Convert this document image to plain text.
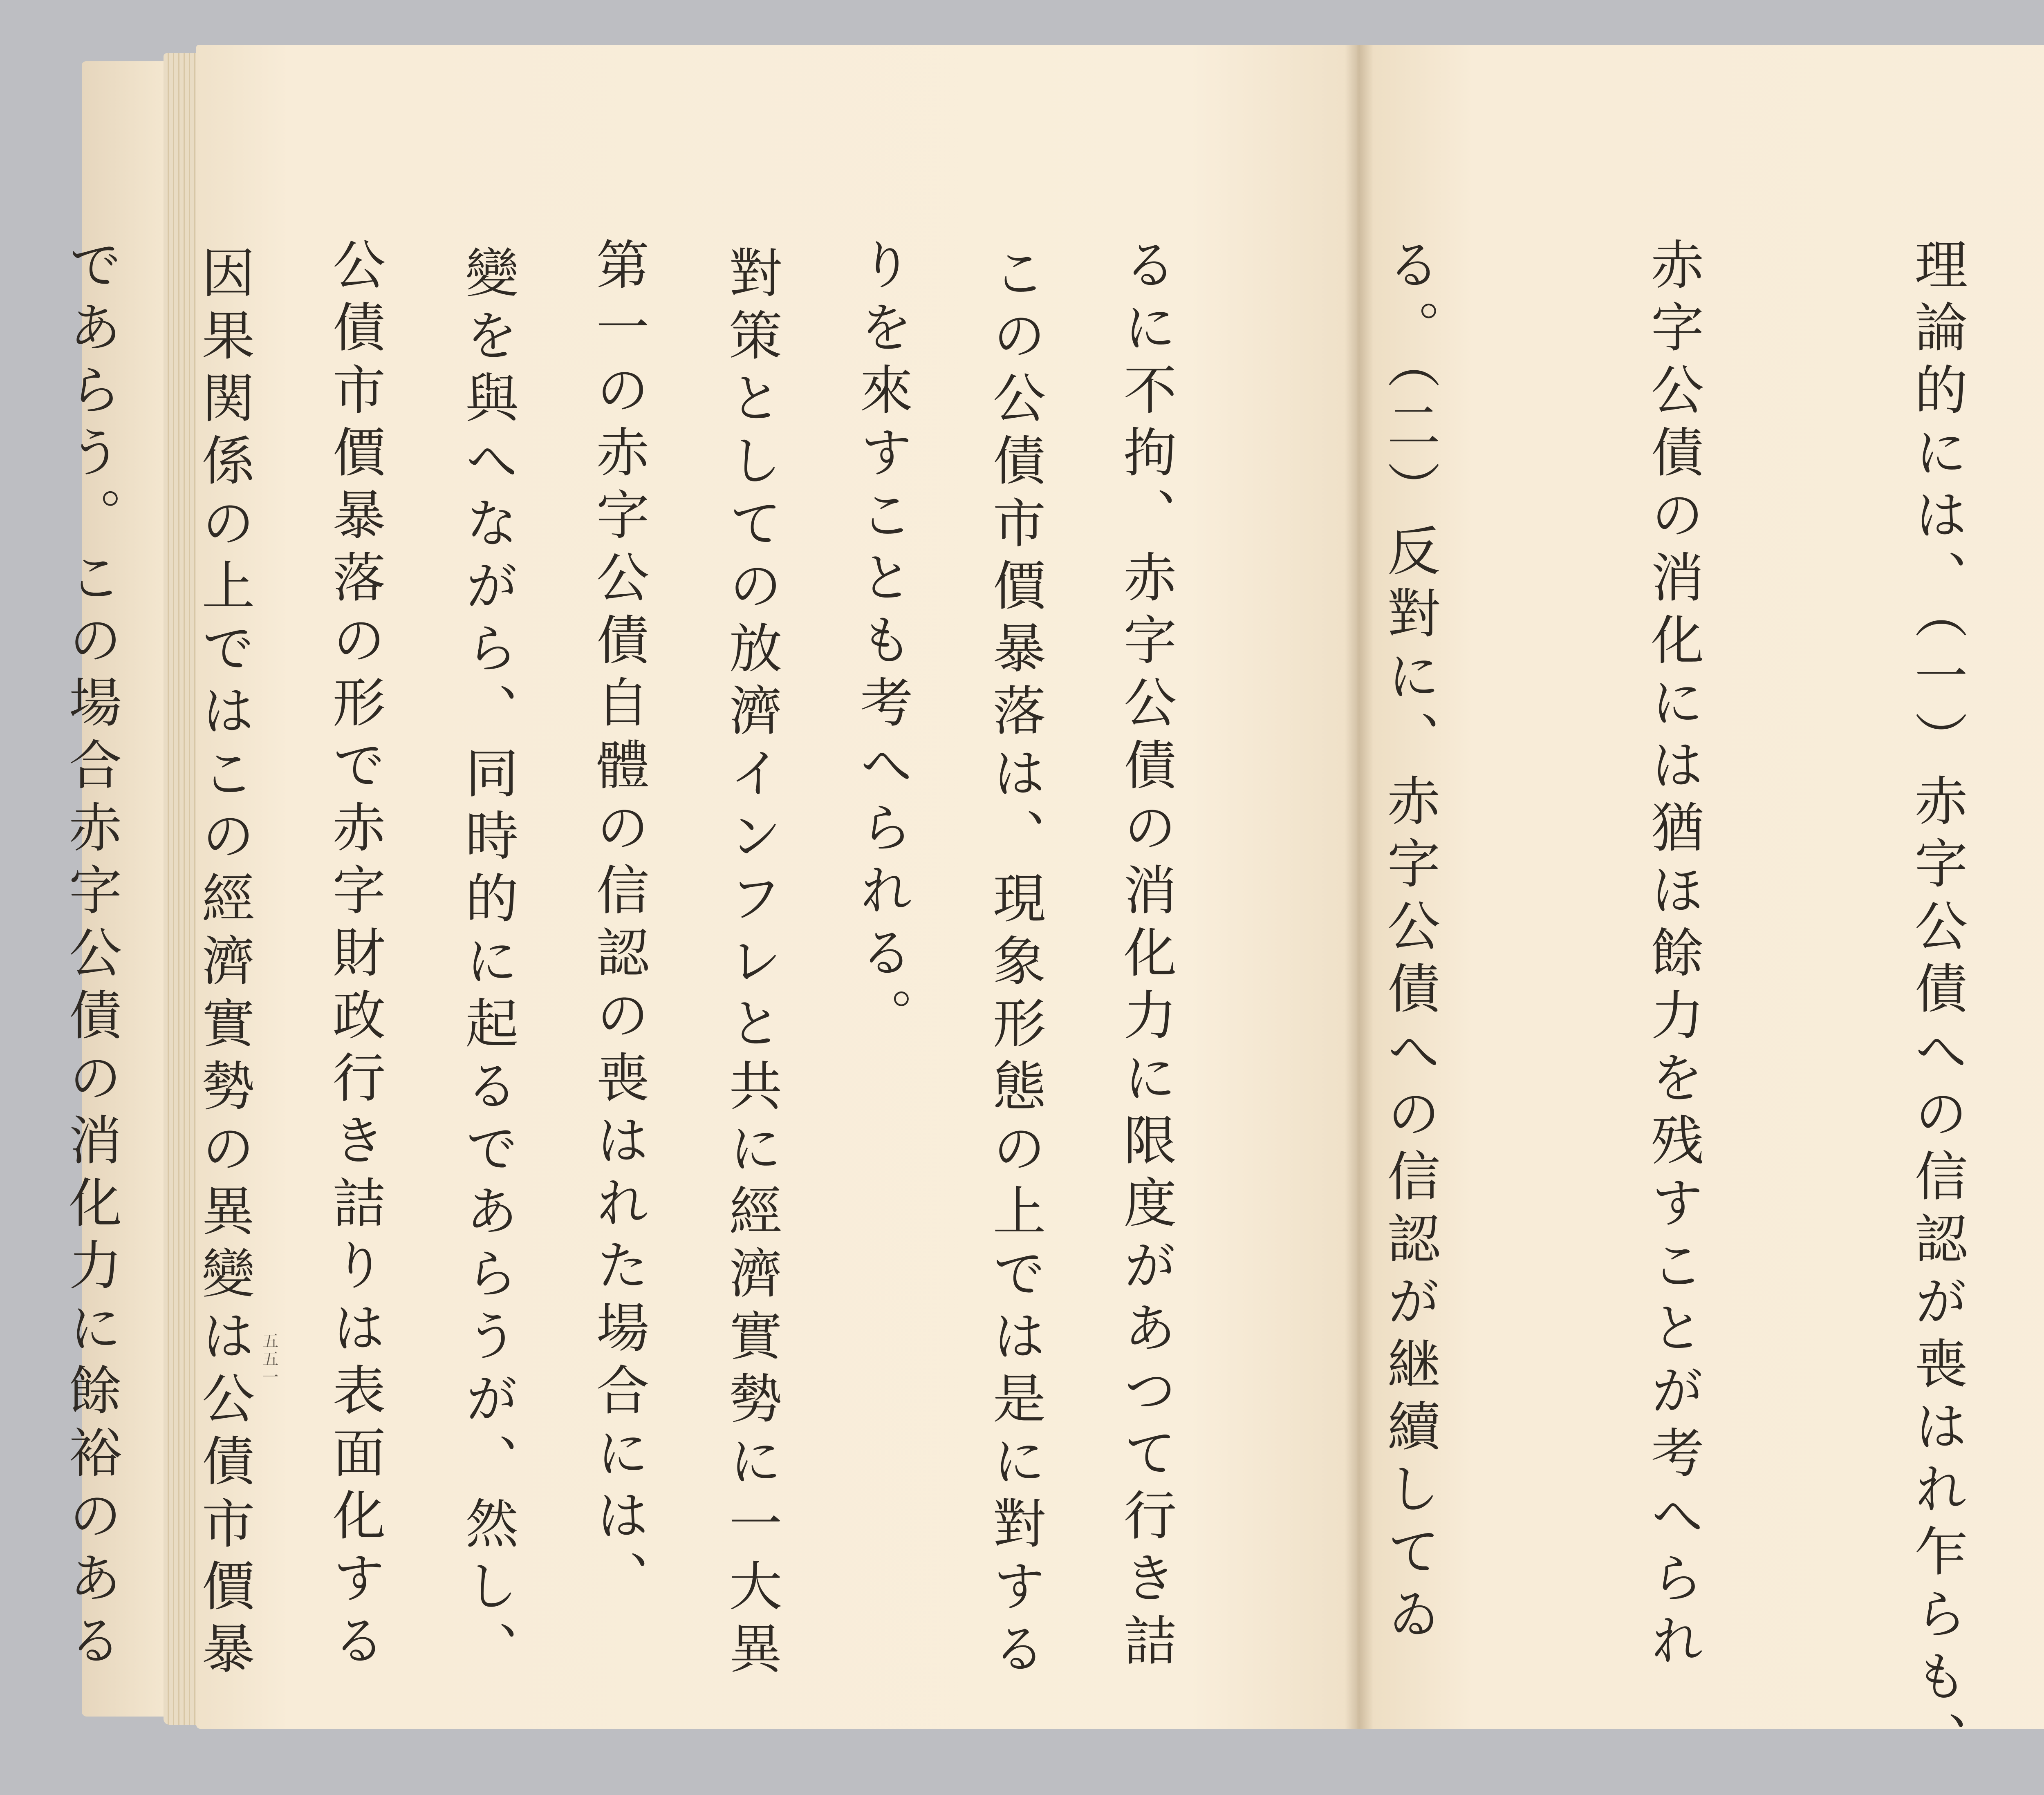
理論的には、（一）赤字公債への信認が喪はれ乍らも、

赤字公債の消化には猶ほ餘力を残すことが考へられ

る。（二）反對に、赤字公債への信認が継續してゐ

るに不拘、赤字公債の消化力に限度があつて行き詰

りを來すことも考へられる。

第一の赤字公債自體の信認の喪はれた場合には、

公債市價暴落の形で赤字財政行き詰りは表面化する

であらう。この場合赤字公債の消化力に餘裕のある

	この公債市價暴落は、現象形態の上では是に對する

對策としての放濟インフレと共に經濟實勢に一大異

變を與へながら、同時的に起るであらうが、然し、

因果関係の上ではこの經濟實勢の異變は公債市價暴

五五一
